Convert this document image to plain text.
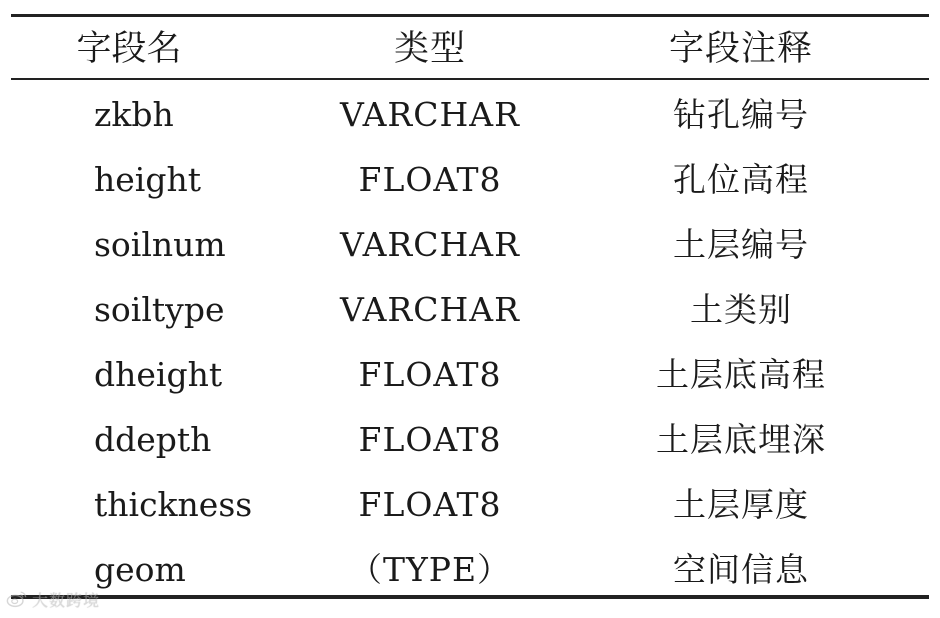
字段名	类型	字段注释
zkbh	VARCHAR	钻孔编号
height	FLOAT8	孔位高程
soilnum	VARCHAR	土层编号
soiltype	VARCHAR	土类别
dheight	FLOAT8	土层底高程
ddepth	FLOAT8	土层底埋深
thickness	FLOAT8	土层厚度
geom	（TYPE）	空间信息
大数跨境
